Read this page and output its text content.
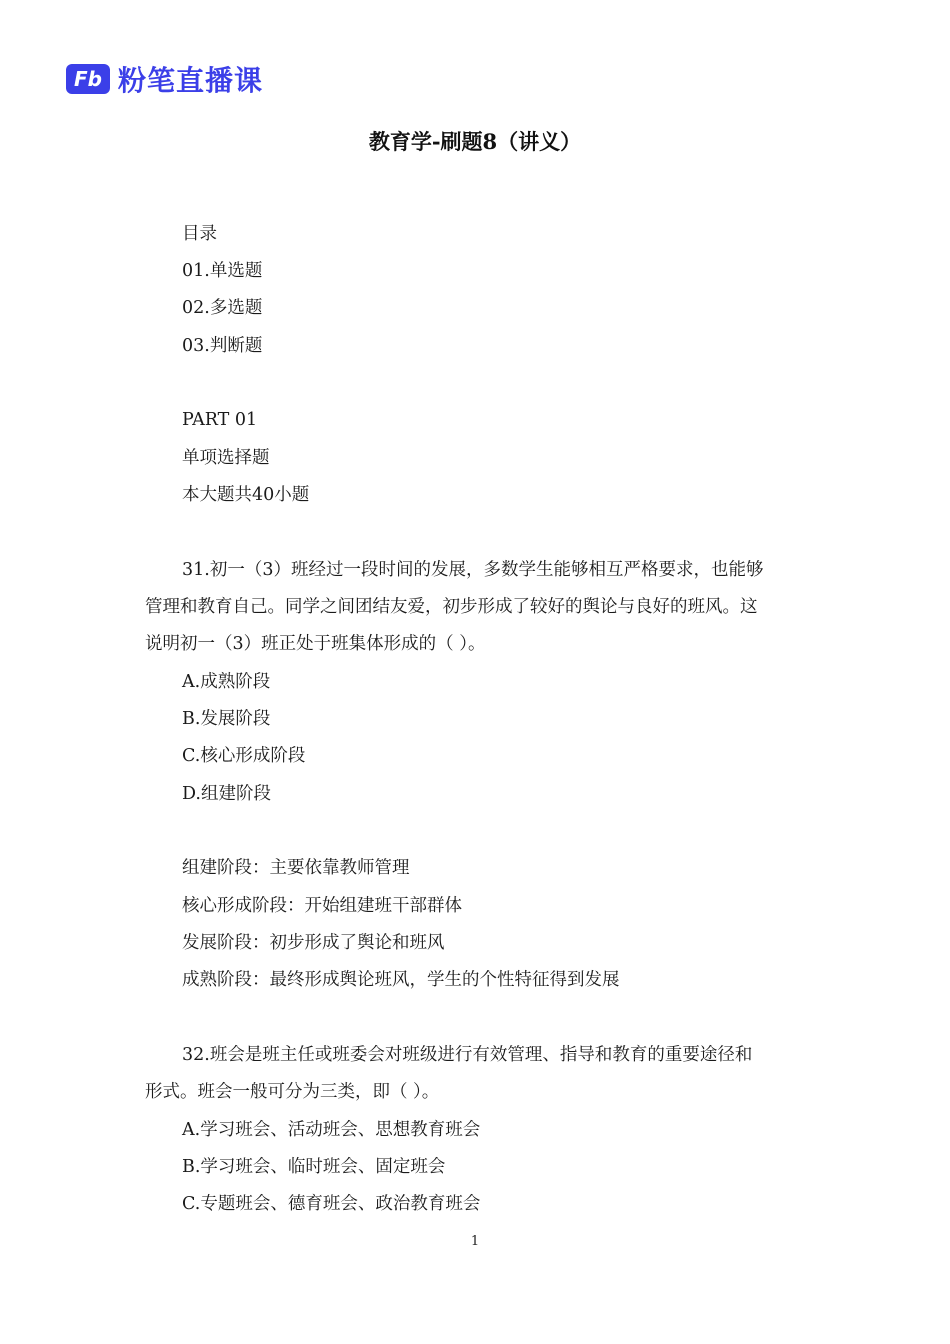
Fb 粉笔直播课
教育学-刷题8（讲义）
目录
01.单选题
02.多选题
03.判断题
PART 01
单项选择题
本大题共40小题
31.初一（3）班经过一段时间的发展，多数学生能够相互严格要求，也能够
管理和教育自己。同学之间团结友爱，初步形成了较好的舆论与良好的班风。这
说明初一（3）班正处于班集体形成的（ ）。
A.成熟阶段
B.发展阶段
C.核心形成阶段
D.组建阶段
组建阶段：主要依靠教师管理
核心形成阶段：开始组建班干部群体
发展阶段：初步形成了舆论和班风
成熟阶段：最终形成舆论班风，学生的个性特征得到发展
32.班会是班主任或班委会对班级进行有效管理、指导和教育的重要途径和
形式。班会一般可分为三类，即（ ）。
A.学习班会、活动班会、思想教育班会
B.学习班会、临时班会、固定班会
C.专题班会、德育班会、政治教育班会
1
